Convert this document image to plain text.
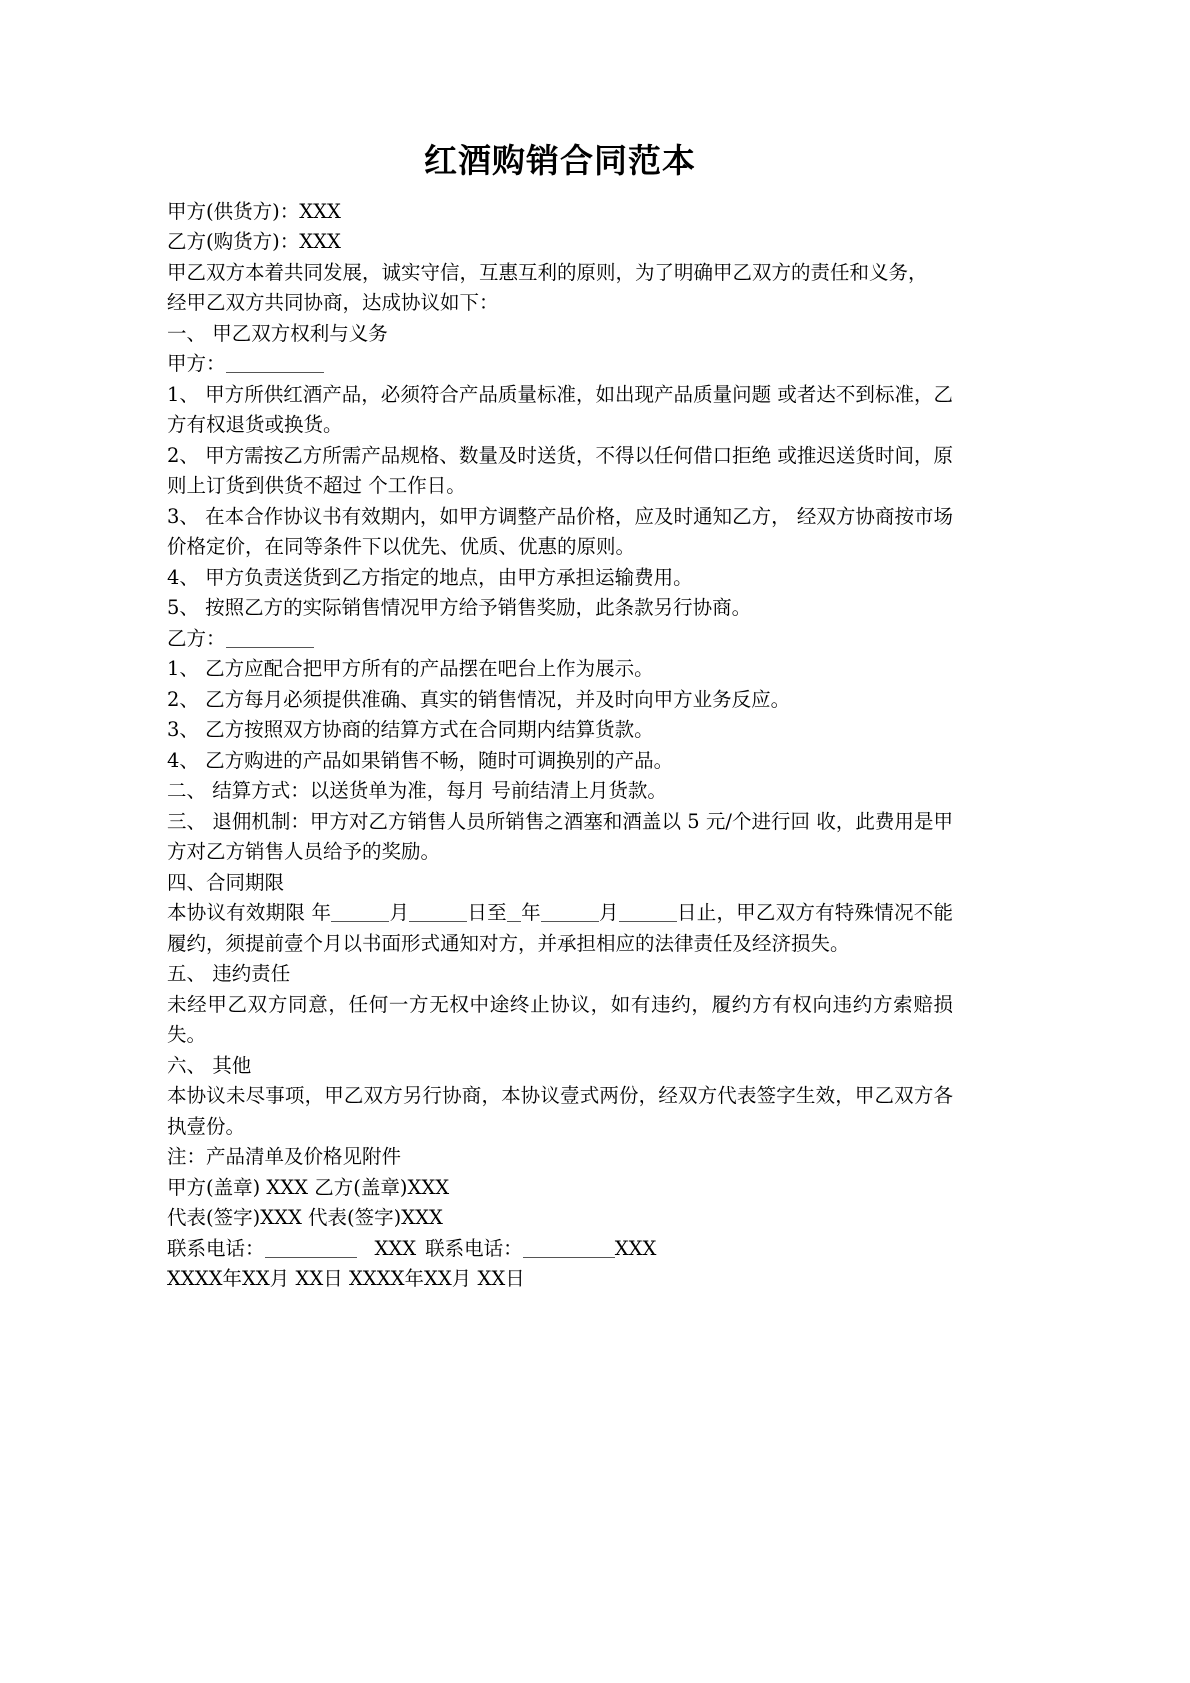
红酒购销合同范本

甲方(供货方)：XXX

乙方(购货方)：XXX

甲乙双方本着共同发展，诚实守信，互惠互利的原则，为了明确甲乙双方的责任和义务，

经甲乙双方共同协商，达成协议如下：

一、 甲乙双方权利与义务

甲方：

1、 甲方所供红酒产品，必须符合产品质量标准，如出现产品质量问题 或者达不到标准，乙方有权退货或换货。

2、 甲方需按乙方所需产品规格、数量及时送货，不得以任何借口拒绝 或推迟送货时间，原则上订货到供货不超过 个工作日。

3、 在本合作协议书有效期内，如甲方调整产品价格，应及时通知乙方， 经双方协商按市场价格定价，在同等条件下以优先、优质、优惠的原则。

4、 甲方负责送货到乙方指定的地点，由甲方承担运输费用。

5、 按照乙方的实际销售情况甲方给予销售奖励，此条款另行协商。

乙方：

1、 乙方应配合把甲方所有的产品摆在吧台上作为展示。

2、 乙方每月必须提供准确、真实的销售情况，并及时向甲方业务反应。

3、 乙方按照双方协商的结算方式在合同期内结算货款。

4、 乙方购进的产品如果销售不畅，随时可调换别的产品。

二、 结算方式：以送货单为准，每月 号前结清上月货款。

三、 退佣机制：甲方对乙方销售人员所销售之酒塞和酒盖以 5 元/个进行回 收，此费用是甲方对乙方销售人员给予的奖励。

四、合同期限

本协议有效期限 年	月	日至 年	月	日止，甲乙双方有特殊情况不能履约，须提前壹个月以书面形式通知对方，并承担相应的法律责任及经济损失。

五、 违约责任

未经甲乙双方同意，任何一方无权中途终止协议，如有违约，履约方有权向违约方索赔损失。

六、 其他

本协议未尽事项，甲乙双方另行协商，本协议壹式两份，经双方代表签字生效，甲乙双方各执壹份。

注：产品清单及价格见附件

甲方(盖章) XXX 乙方(盖章)XXX

代表(签字)XXX 代表(签字)XXX

联系电话：	XXX 联系电话：	XXX

XXXX年XX月 XX日 XXXX年XX月 XX日
